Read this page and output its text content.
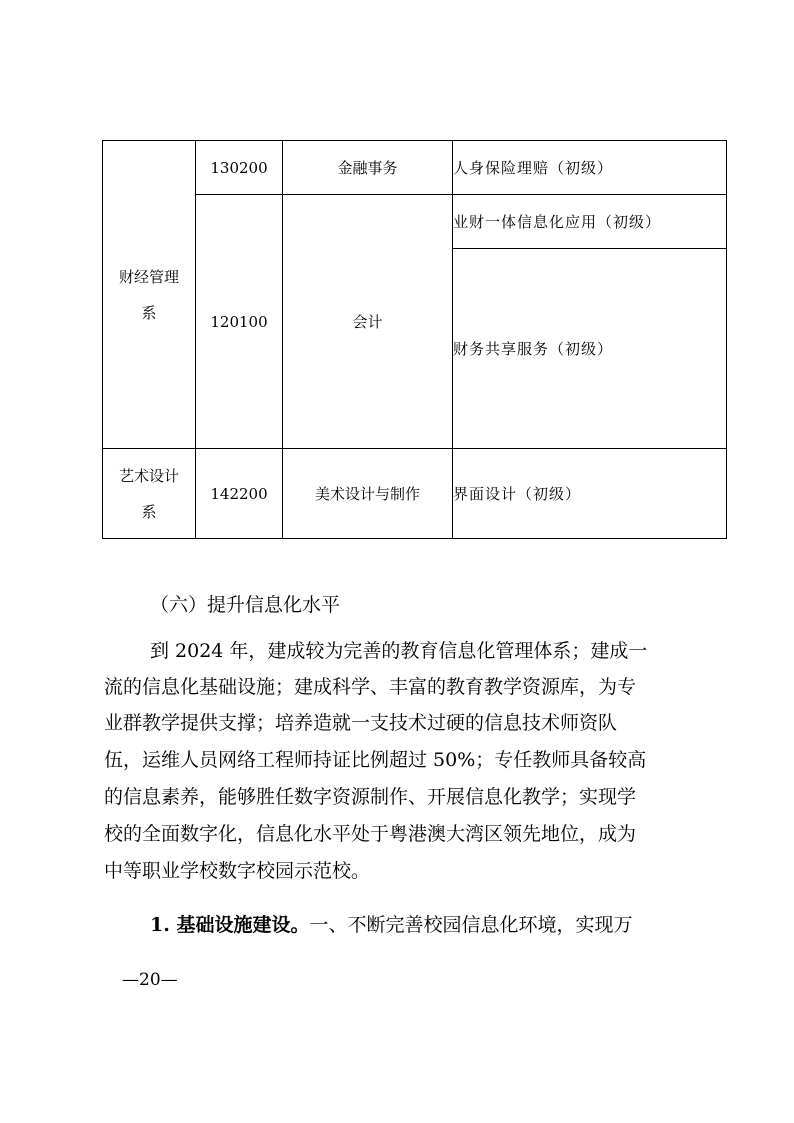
财经管理
系	130200	金融事务	人身保险理赔（初级）
	120100	会计	业财一体信息化应用（初级）
			财务共享服务（初级）

艺术设计
系	142200	美术设计与制作	界面设计（初级）
（六）提升信息化水平
到 2024 年，建成较为完善的教育信息化管理体系；建成一
流的信息化基础设施；建成科学、丰富的教育教学资源库，为专
业群教学提供支撑；培养造就一支技术过硬的信息技术师资队
伍，运维人员网络工程师持证比例超过 50%；专任教师具备较高
的信息素养，能够胜任数字资源制作、开展信息化教学；实现学
校的全面数字化，信息化水平处于粤港澳大湾区领先地位，成为
中等职业学校数字校园示范校。
1. 基础设施建设。一、不断完善校园信息化环境，实现万
—20—
